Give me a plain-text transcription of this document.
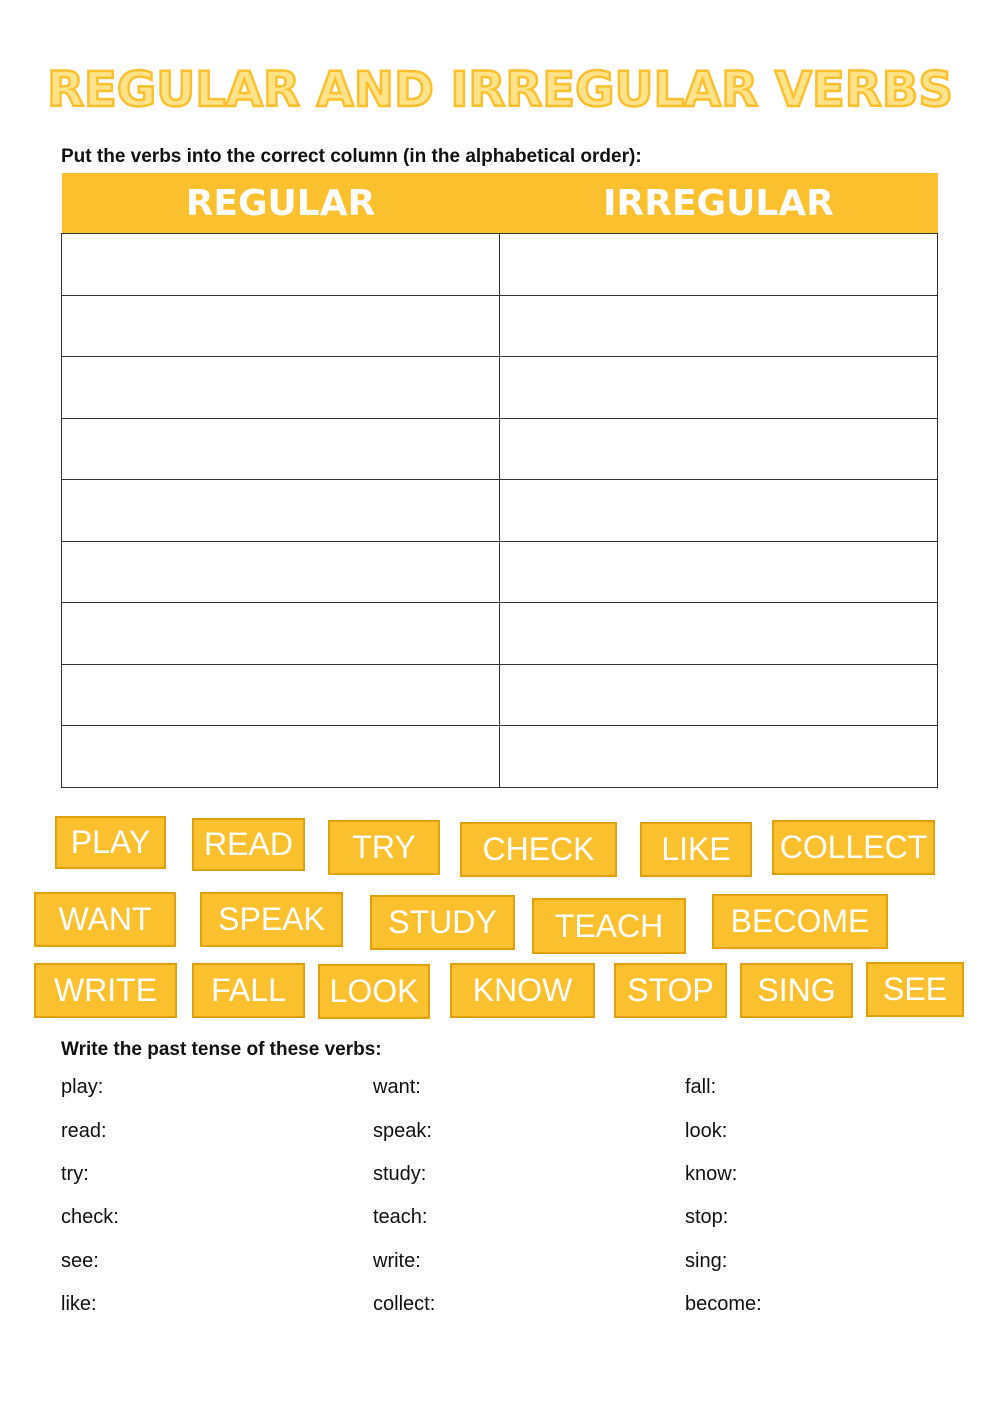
REGULAR AND IRREGULAR VERBS
Put the verbs into the correct column (in the alphabetical order):
REGULAR	IRREGULAR

PLAY	READ	TRY	CHECK	LIKE	COLLECT
WANT	SPEAK	STUDY	TEACH	BECOME
WRITE	FALL	LOOK	KNOW	STOP	SING	SEE
Write the past tense of these verbs:
play:
read:
try:
check:
see:
like:
want:
speak:
study:
teach:
write:
collect:
fall:
look:
know:
stop:
sing:
become:
